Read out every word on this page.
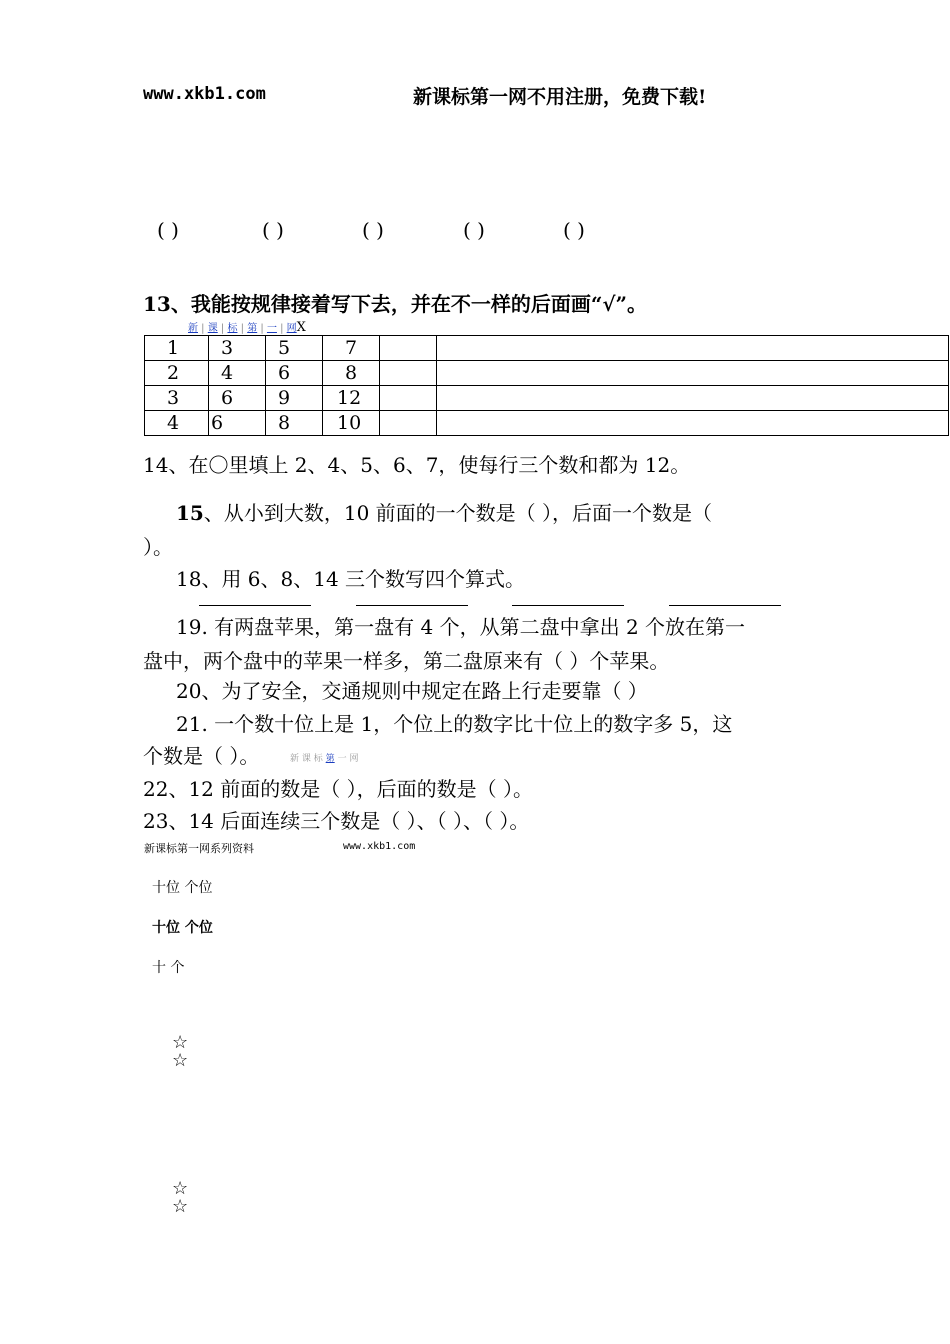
www.xkb1.com	新课标第一网不用注册，免费下载!
( )	( )	( )	( )	( )
13、我能按规律接着写下去，并在不一样的后面画“√”。
新 | 课 | 标 | 第 | 一 | 网X
1	3	5	7		
2	4	6	8		
3	6	9	12		
4	6	8	10		
14、在〇里填上 2、4、5、6、7，使每行三个数和都为 12。
15、从小到大数，10 前面的一个数是（ ），后面一个数是（
）。
18、用 6、8、14 三个数写四个算式。
19. 有两盘苹果，第一盘有 4 个，从第二盘中拿出 2 个放在第一
盘中，两个盘中的苹果一样多，第二盘原来有（ ）个苹果。
20、为了安全，交通规则中规定在路上行走要靠（ ）
21. 一个数十位上是 1，个位上的数字比十位上的数字多 5，这
个数是（ ）。	新 课 标 第 一 网
22、12 前面的数是（ ），后面的数是（ ）。
23、14 后面连续三个数是（ ）、（ ）、（ ）。
新课标第一网系列资料	www.xkb1.com
十位 个位
十位 个位
十 个
☆
☆
☆
☆
